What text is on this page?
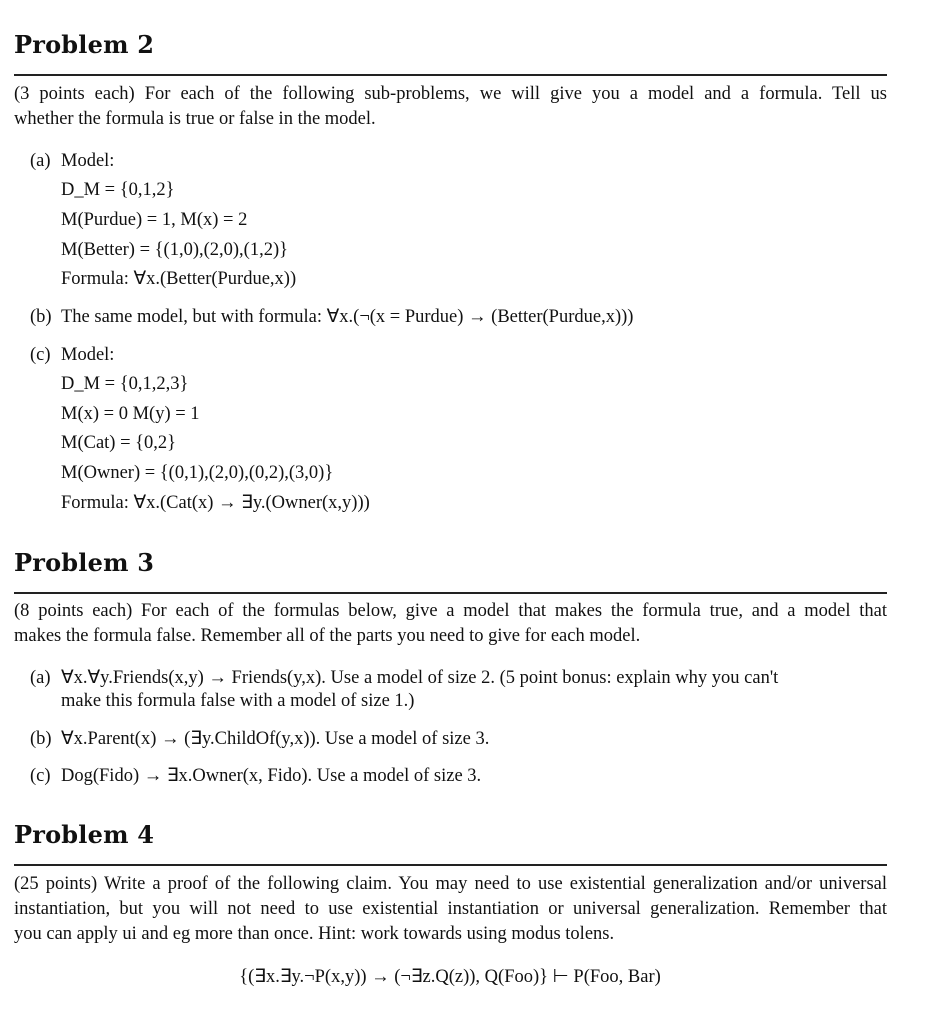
Problem 2
(3 points each) For each of the following sub-problems, we will give you a model and a formula. Tell us
whether the formula is true or false in the model.
(a) Model:
D_M = {0,1,2}
M(Purdue) = 1, M(x) = 2
M(Better) = {(1,0),(2,0),(1,2)}
Formula: ∀x.(Better(Purdue,x))
(b) The same model, but with formula: ∀x.(¬(x = Purdue) → (Better(Purdue,x)))
(c) Model:
D_M = {0,1,2,3}
M(x) = 0 M(y) = 1
M(Cat) = {0,2}
M(Owner) = {(0,1),(2,0),(0,2),(3,0)}
Formula: ∀x.(Cat(x) → ∃y.(Owner(x,y)))
Problem 3
(8 points each) For each of the formulas below, give a model that makes the formula true, and a model that
makes the formula false. Remember all of the parts you need to give for each model.
(a) ∀x.∀y.Friends(x,y) → Friends(y,x). Use a model of size 2. (5 point bonus: explain why you can't
make this formula false with a model of size 1.)
(b) ∀x.Parent(x) → (∃y.ChildOf(y,x)). Use a model of size 3.
(c) Dog(Fido) → ∃x.Owner(x, Fido). Use a model of size 3.
Problem 4
(25 points) Write a proof of the following claim. You may need to use existential generalization and/or universal
instantiation, but you will not need to use existential instantiation or universal generalization. Remember that
you can apply ui and eg more than once. Hint: work towards using modus tolens.
{(∃x.∃y.¬P(x,y)) → (¬∃z.Q(z)), Q(Foo)} ⊢ P(Foo, Bar)
